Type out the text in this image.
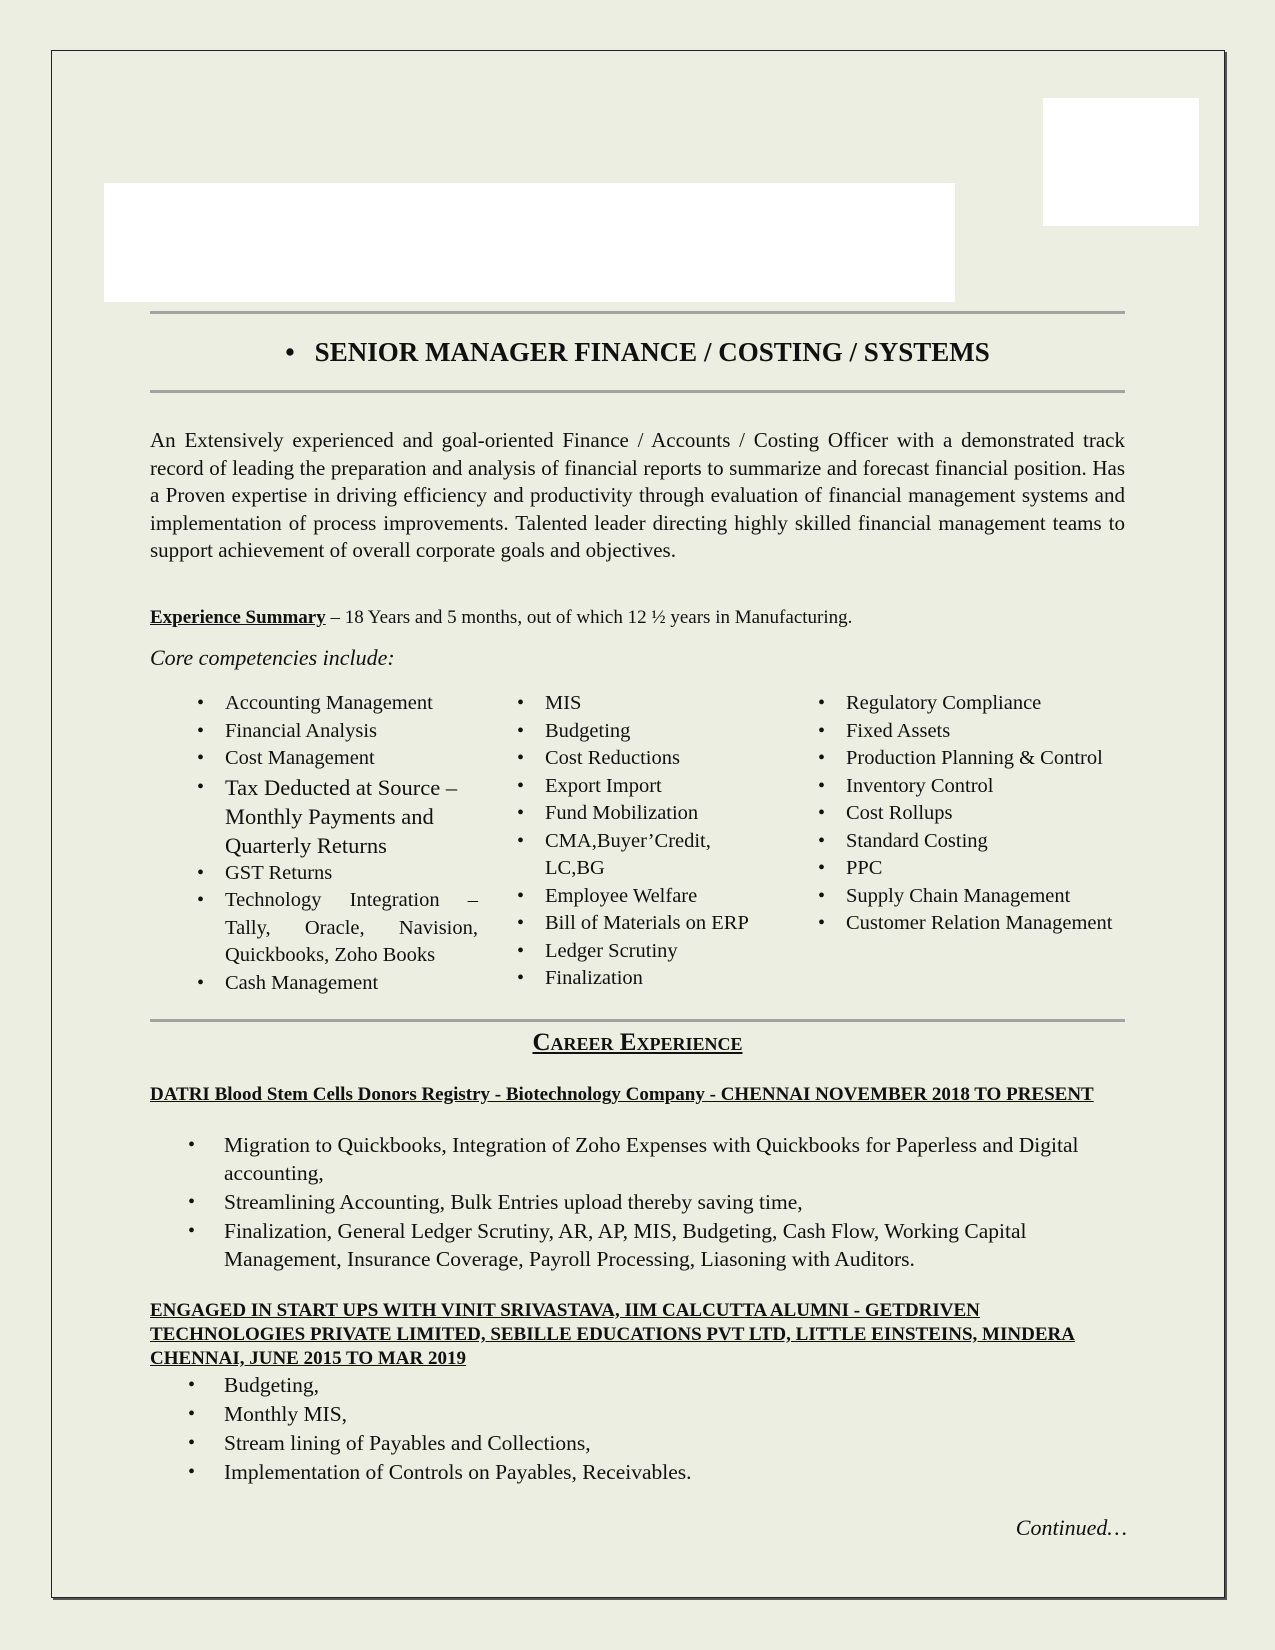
• SENIOR MANAGER FINANCE / COSTING / SYSTEMS

An Extensively experienced and goal-oriented Finance / Accounts / Costing Officer with a demonstrated track record of leading the preparation and analysis of financial reports to summarize and forecast financial position. Has a Proven expertise in driving efficiency and productivity through evaluation of financial management systems and implementation of process improvements. Talented leader directing highly skilled financial management teams to support achievement of overall corporate goals and objectives.

Experience Summary – 18 Years and 5 months, out of which 12 ½ years in Manufacturing.
Core competencies include:
• Accounting Management
• Financial Analysis
• Cost Management
• Tax Deducted at Source – Monthly Payments and Quarterly Returns
• GST Returns
• Technology Integration – Tally, Oracle, Navision, Quickbooks, Zoho Books
• Cash Management
• MIS
• Budgeting
• Cost Reductions
• Export Import
• Fund Mobilization
• CMA,Buyer’Credit, LC,BG
• Employee Welfare
• Bill of Materials on ERP
• Ledger Scrutiny
• Finalization
• Regulatory Compliance
• Fixed Assets
• Production Planning & Control
• Inventory Control
• Cost Rollups
• Standard Costing
• PPC
• Supply Chain Management
• Customer Relation Management
Career Experience
DATRI Blood Stem Cells Donors Registry - Biotechnology Company - CHENNAI NOVEMBER 2018 TO PRESENT
• Migration to Quickbooks, Integration of Zoho Expenses with Quickbooks for Paperless and Digital accounting,
• Streamlining Accounting, Bulk Entries upload thereby saving time,
• Finalization, General Ledger Scrutiny, AR, AP, MIS, Budgeting, Cash Flow, Working Capital Management, Insurance Coverage, Payroll Processing, Liasoning with Auditors.
ENGAGED IN START UPS WITH VINIT SRIVASTAVA, IIM CALCUTTA ALUMNI - GETDRIVEN TECHNOLOGIES PRIVATE LIMITED, SEBILLE EDUCATIONS PVT LTD, LITTLE EINSTEINS, MINDERA CHENNAI, JUNE 2015 TO MAR 2019
• Budgeting,
• Monthly MIS,
• Stream lining of Payables and Collections,
• Implementation of Controls on Payables, Receivables.
Continued…
